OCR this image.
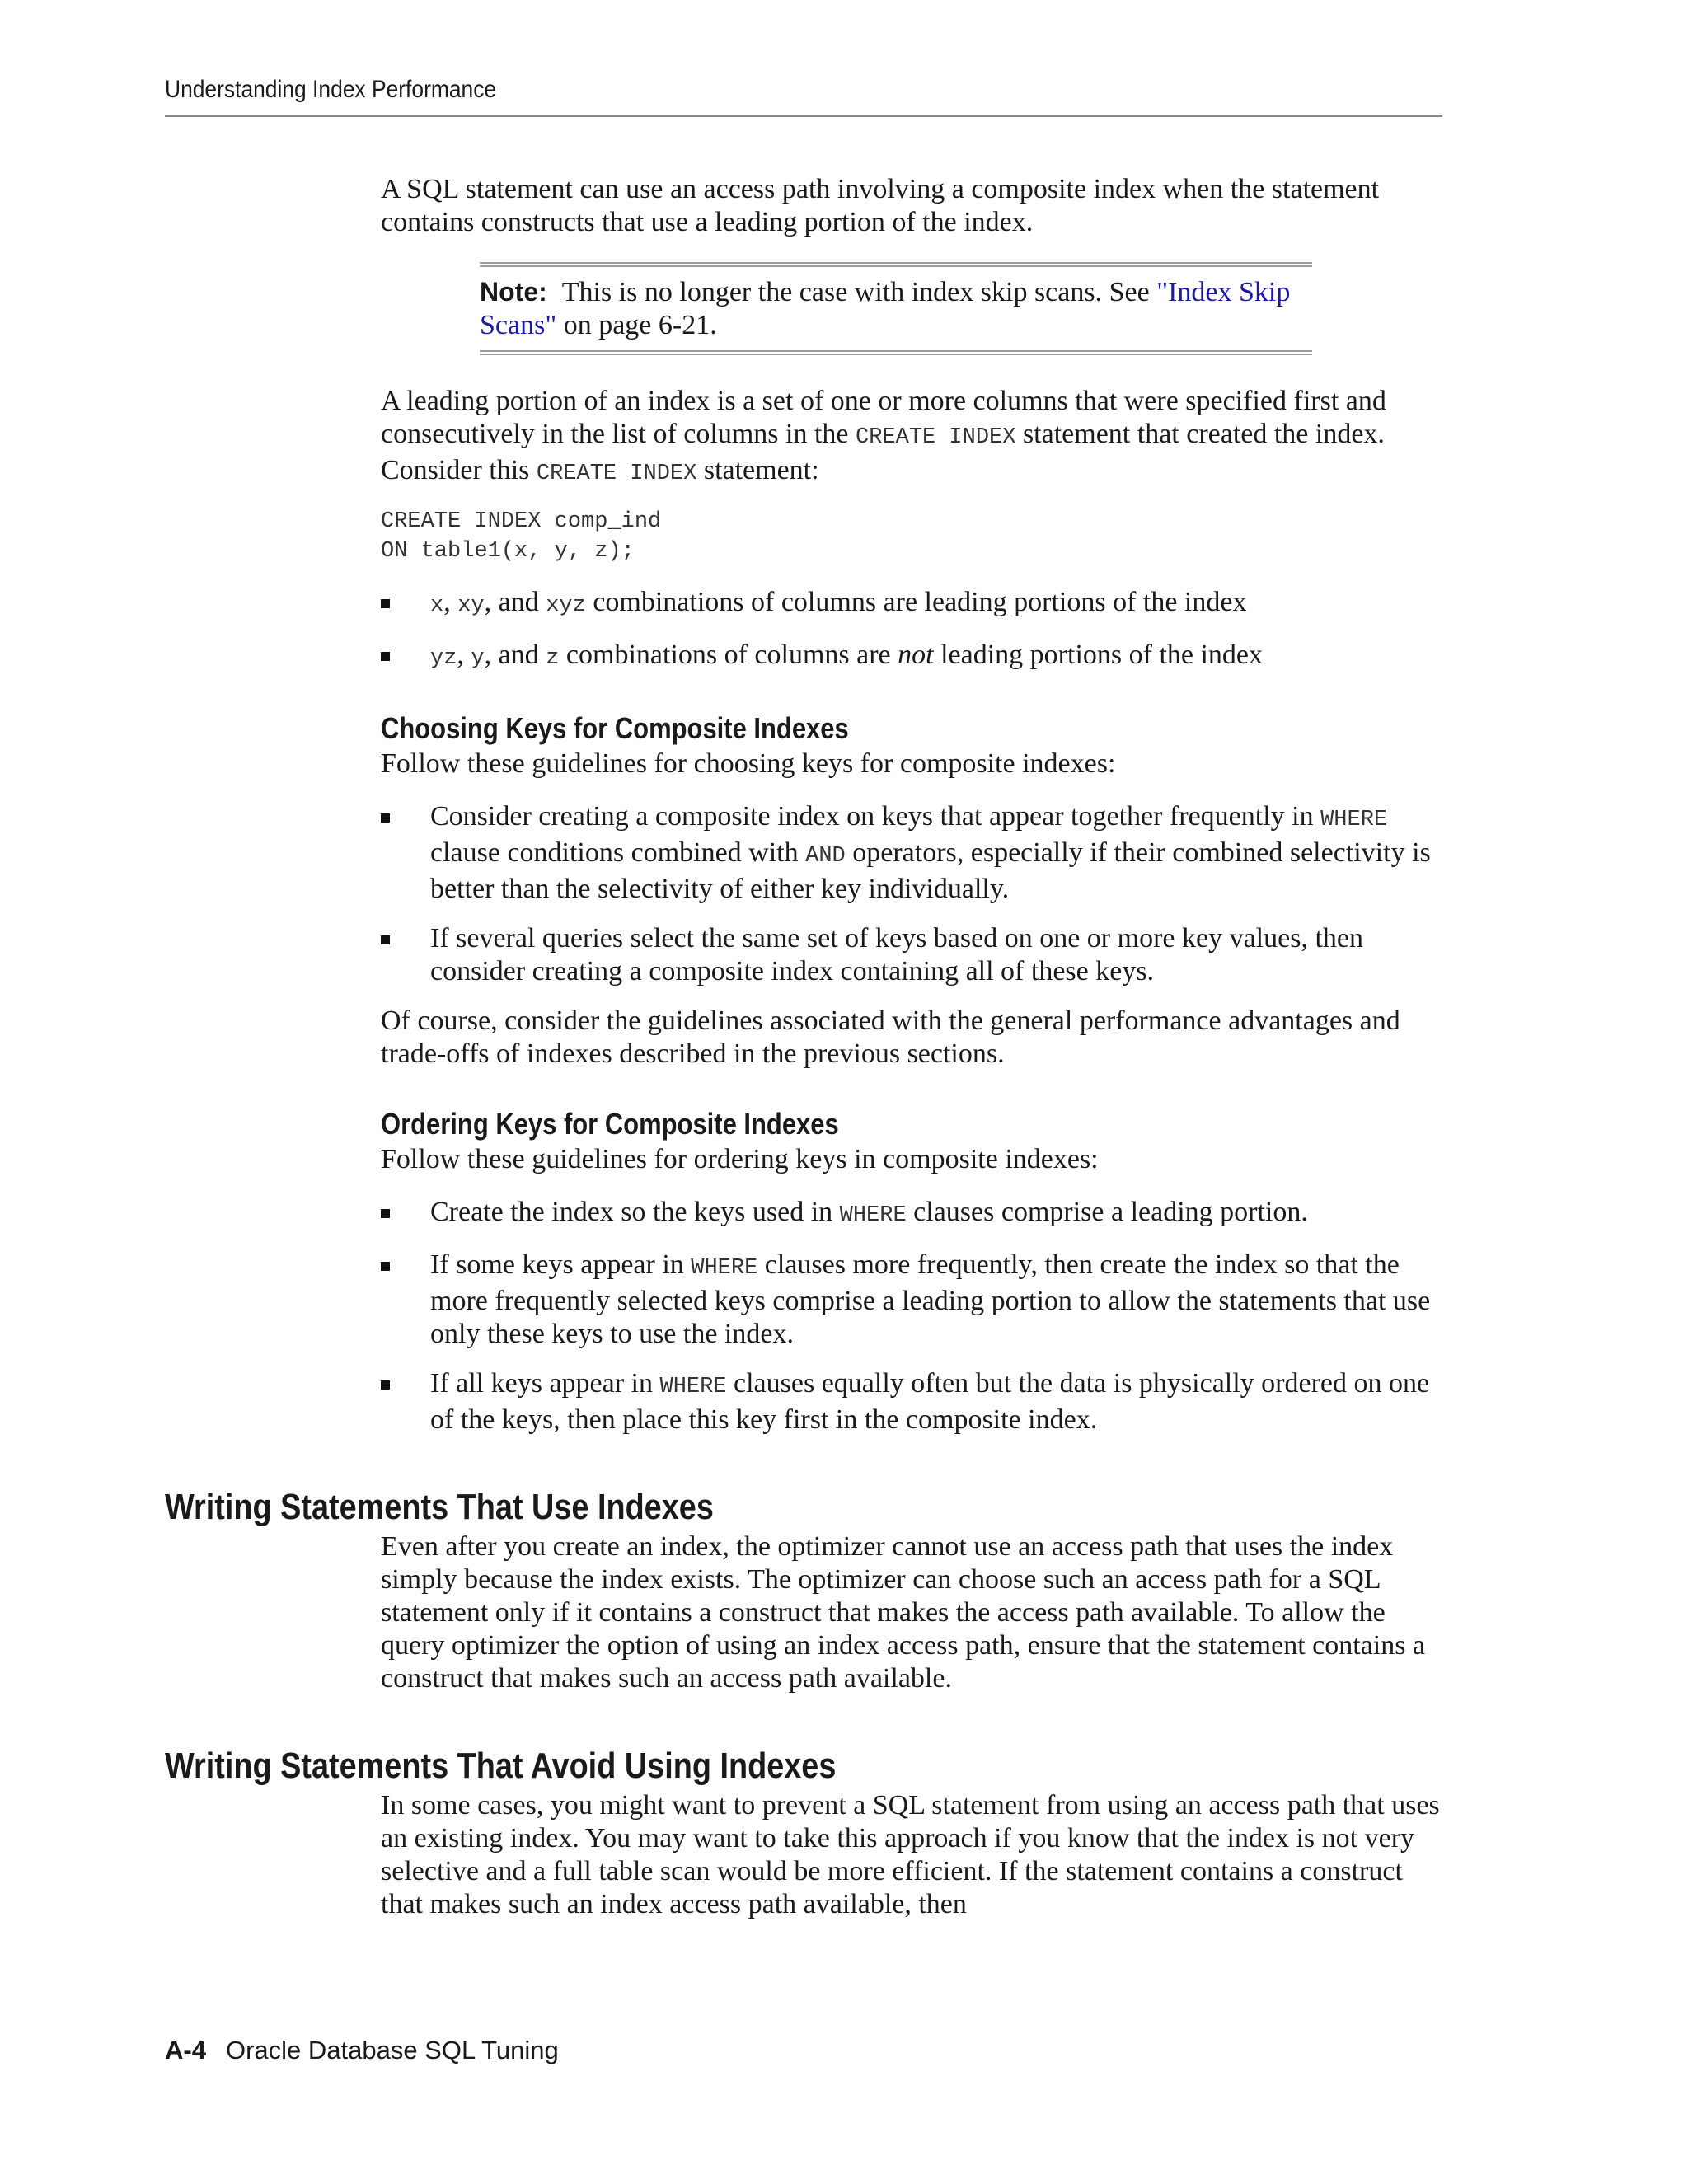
Understanding Index Performance

A SQL statement can use an access path involving a composite index when the statement contains constructs that use a leading portion of the index.

Note: This is no longer the case with index skip scans. See "Index Skip Scans" on page 6-21.

A leading portion of an index is a set of one or more columns that were specified first and consecutively in the list of columns in the CREATE INDEX statement that created the index. Consider this CREATE INDEX statement:

CREATE INDEX comp_ind
ON table1(x, y, z);
x, xy, and xyz combinations of columns are leading portions of the index
yz, y, and z combinations of columns are not leading portions of the index
Choosing Keys for Composite Indexes

Follow these guidelines for choosing keys for composite indexes:

Consider creating a composite index on keys that appear together frequently in WHERE clause conditions combined with AND operators, especially if their combined selectivity is better than the selectivity of either key individually.
If several queries select the same set of keys based on one or more key values, then consider creating a composite index containing all of these keys.

Of course, consider the guidelines associated with the general performance advantages and trade-offs of indexes described in the previous sections.

Ordering Keys for Composite Indexes

Follow these guidelines for ordering keys in composite indexes:

Create the index so the keys used in WHERE clauses comprise a leading portion.
If some keys appear in WHERE clauses more frequently, then create the index so that the more frequently selected keys comprise a leading portion to allow the statements that use only these keys to use the index.
If all keys appear in WHERE clauses equally often but the data is physically ordered on one of the keys, then place this key first in the composite index.
Writing Statements That Use Indexes

Even after you create an index, the optimizer cannot use an access path that uses the index simply because the index exists. The optimizer can choose such an access path for a SQL statement only if it contains a construct that makes the access path available. To allow the query optimizer the option of using an index access path, ensure that the statement contains a construct that makes such an access path available.

Writing Statements That Avoid Using Indexes

In some cases, you might want to prevent a SQL statement from using an access path that uses an existing index. You may want to take this approach if you know that the index is not very selective and a full table scan would be more efficient. If the statement contains a construct that makes such an index access path available, then

A-4 Oracle Database SQL Tuning
